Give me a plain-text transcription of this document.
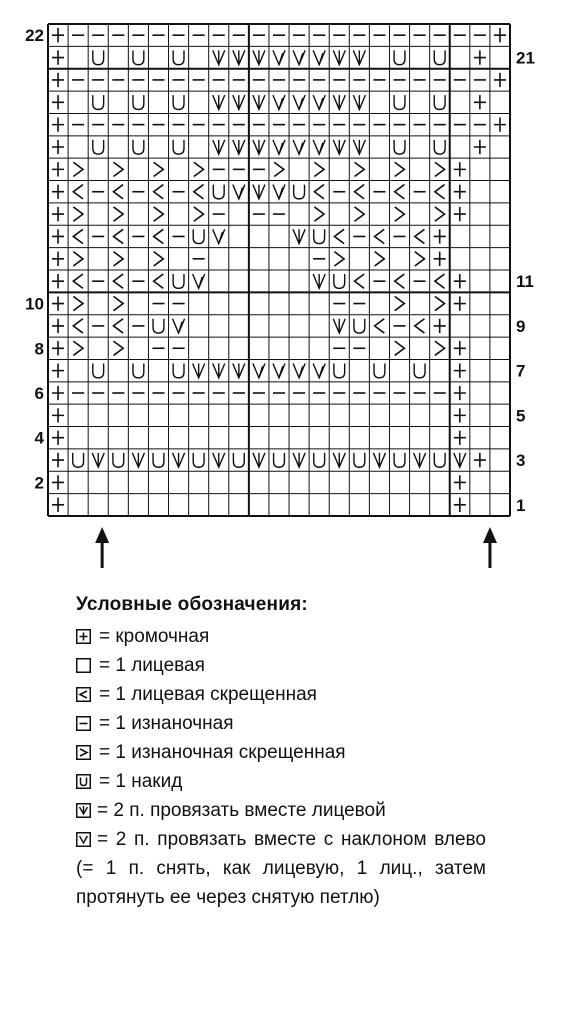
22
21
11
10
9
8
7
6
5
4
3
2
1
Условные обозначения:
= кромочная
= 1 лицевая
= 1 лицевая скрещенная
= 1 изнаночная
= 1 изнаночная скрещенная
= 1 накид
= 2 п. провязать вместе лицевой
= 2 п. провязать вместе с наклоном влево (= 1 п. снять, как лицевую, 1 лиц., затем протянуть ее через снятую петлю)
